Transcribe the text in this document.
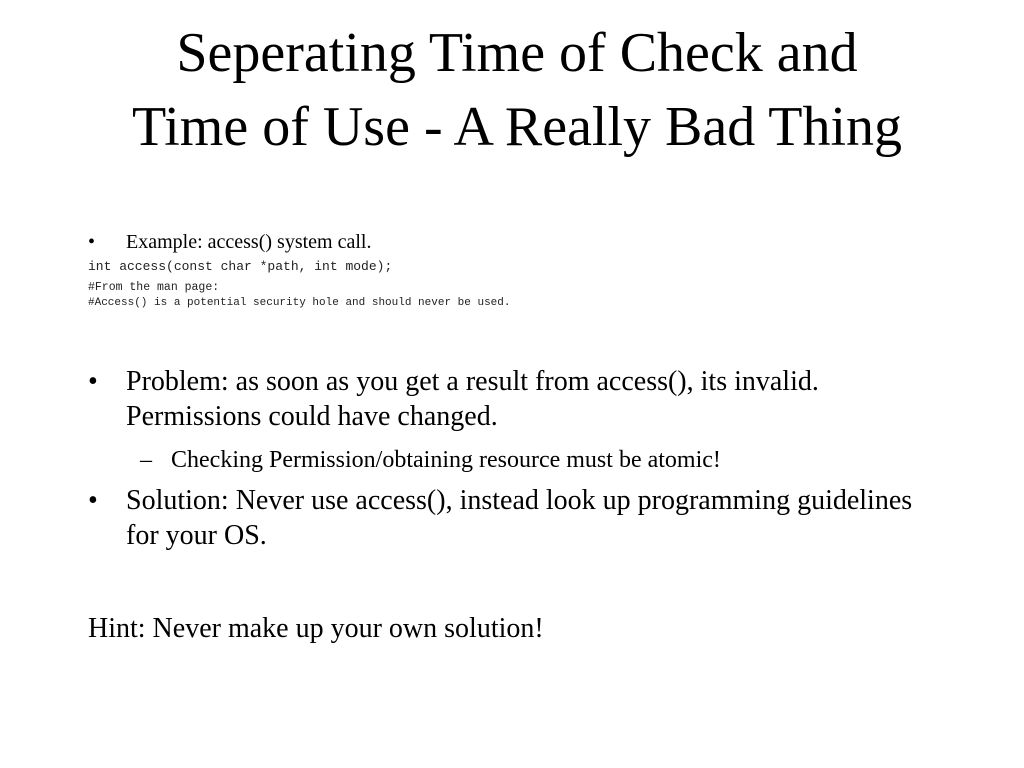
Seperating Time of Check and Time of Use - A Really Bad Thing
•	Example: access() system call.
int access(const char *path, int mode);
#From the man page:
#Access() is a potential security hole and should never be used.
•	Problem: as soon as you get a result from access(), its invalid. Permissions could have changed.
– Checking Permission/obtaining resource must be atomic!
•	Solution: Never use access(), instead look up programming guidelines for your OS.

Hint: Never make up your own solution!
